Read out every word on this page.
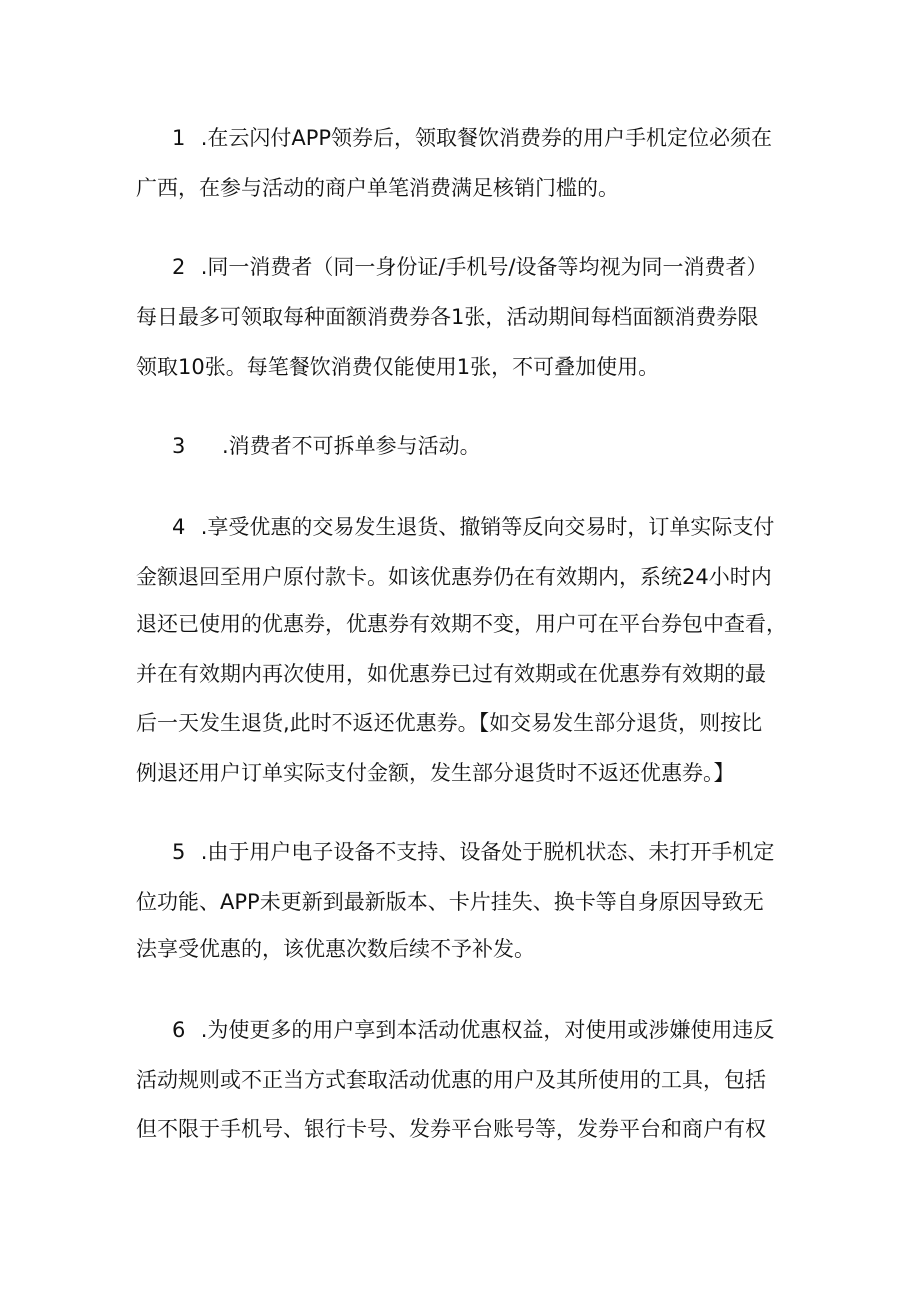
1 .在云闪付APP领券后，领取餐饮消费券的用户手机定位必须在
广西，在参与活动的商户单笔消费满足核销门槛的。
2 .同一消费者（同一身份证/手机号/设备等均视为同一消费者）
每日最多可领取每种面额消费券各1张，活动期间每档面额消费券限
领取10张。每笔餐饮消费仅能使用1张，不可叠加使用。
3 .消费者不可拆单参与活动。
4 .享受优惠的交易发生退货、撤销等反向交易时，订单实际支付
金额退回至用户原付款卡。如该优惠券仍在有效期内，系统24小时内
退还已使用的优惠券，优惠券有效期不变，用户可在平台券包中查看，
并在有效期内再次使用，如优惠券已过有效期或在优惠券有效期的最
后一天发生退货,此时不返还优惠券。【如交易发生部分退货，则按比
例退还用户订单实际支付金额，发生部分退货时不返还优惠券。】
5 .由于用户电子设备不支持、设备处于脱机状态、未打开手机定
位功能、APP未更新到最新版本、卡片挂失、换卡等自身原因导致无
法享受优惠的，该优惠次数后续不予补发。
6 .为使更多的用户享到本活动优惠权益，对使用或涉嫌使用违反
活动规则或不正当方式套取活动优惠的用户及其所使用的工具，包括
但不限于手机号、银行卡号、发券平台账号等，发券平台和商户有权
